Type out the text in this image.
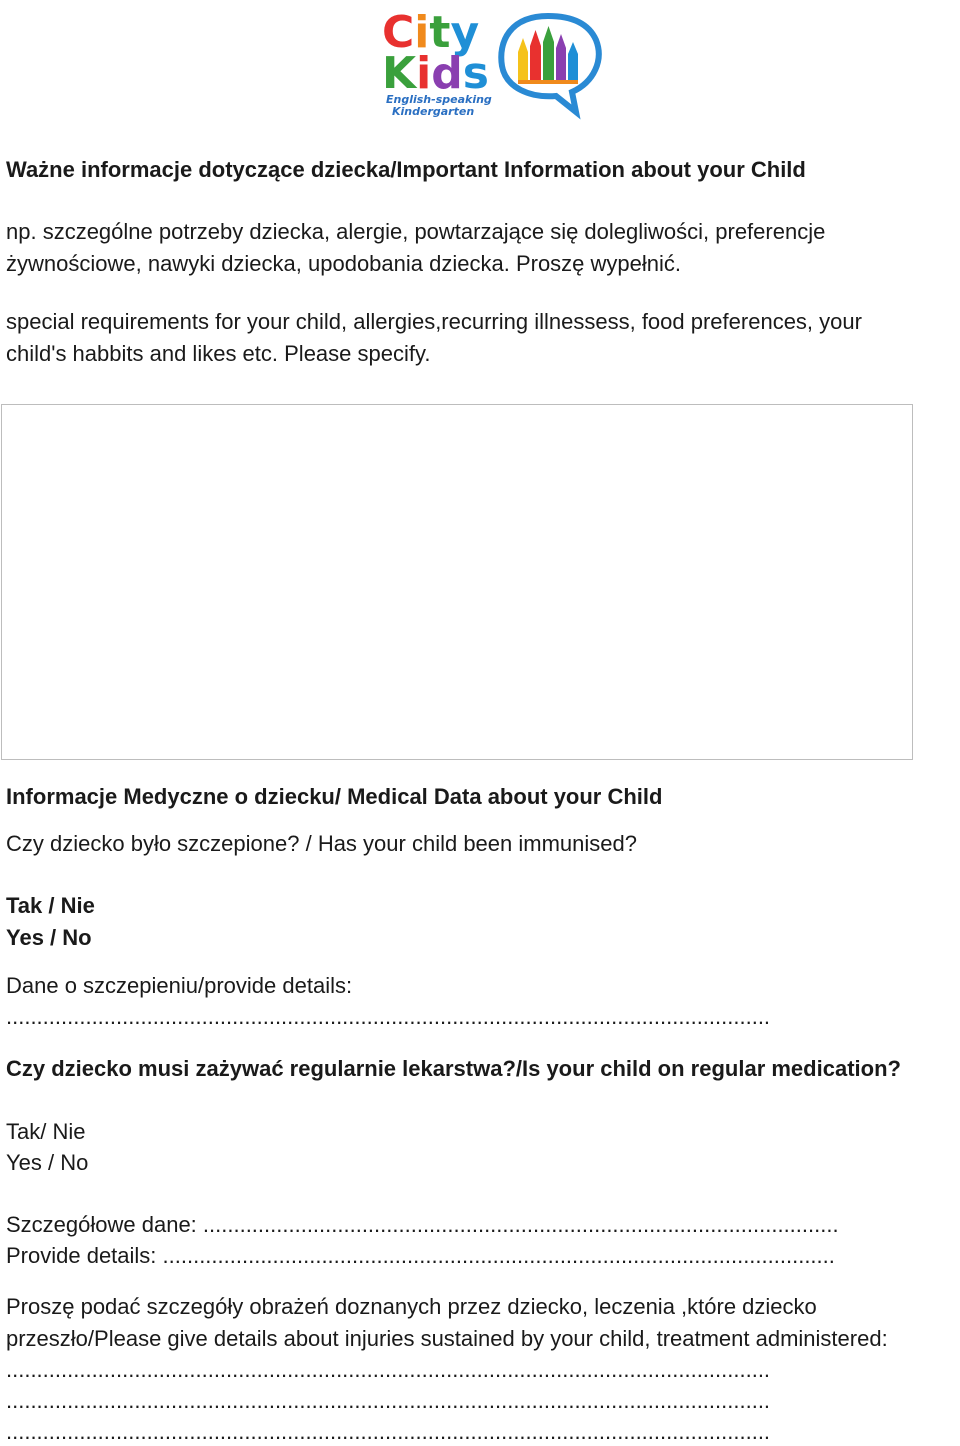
City
Kids
English-speaking
Kindergarten
Ważne informacje dotyczące dziecka/Important Information about your Child
np. szczególne potrzeby dziecka, alergie, powtarzające się dolegliwości, preferencje
żywnościowe, nawyki dziecka, upodobania dziecka. Proszę wypełnić.
special requirements for your child, allergies,recurring illnessess, food preferences, your
child's habbits and likes etc. Please specify.
Informacje Medyczne o dziecku/ Medical Data about your Child
Czy dziecko było szczepione? / Has your child been immunised?
Tak / Nie
Yes / No
Dane o szczepieniu/provide details:
.............................................................................................................................
Czy dziecko musi zażywać regularnie lekarstwa?/Is your child on regular medication?
Tak/ Nie
Yes / No
Szczegółowe dane: ........................................................................................................
Provide details: ..............................................................................................................
Proszę podać szczegóły obrażeń doznanych przez dziecko, leczenia ,które dziecko
przeszło/Please give details about injuries sustained by your child, treatment administered:
.............................................................................................................................
.............................................................................................................................
.............................................................................................................................
